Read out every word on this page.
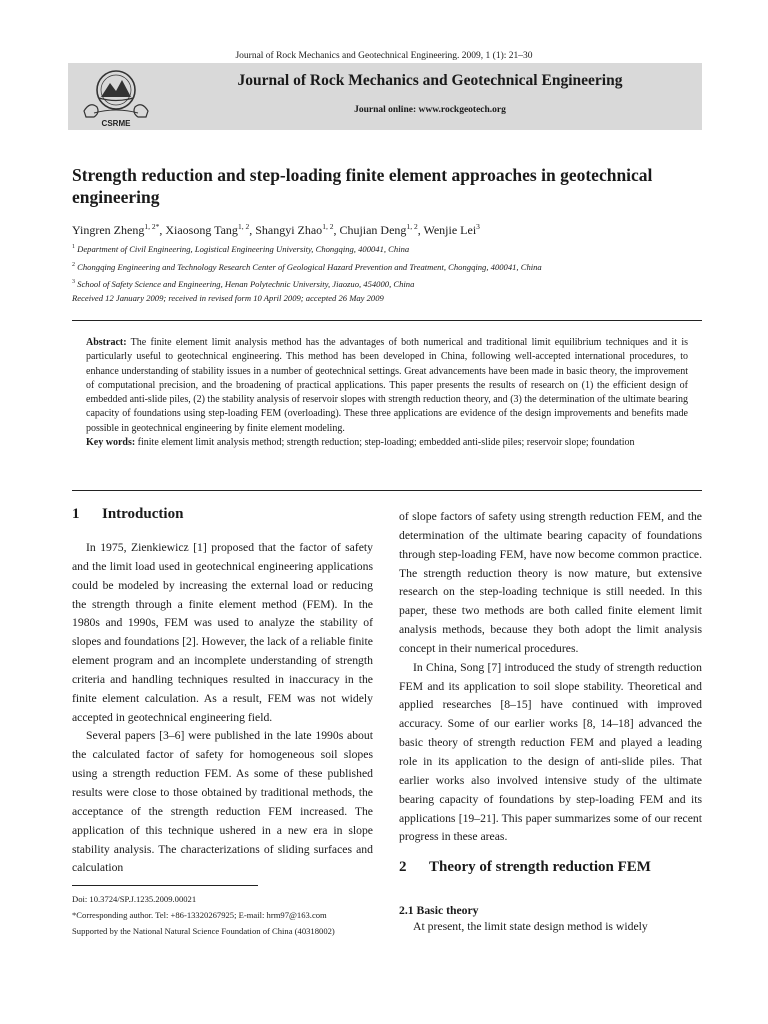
Journal of Rock Mechanics and Geotechnical Engineering. 2009, 1 (1): 21–30
CSRME
Journal of Rock Mechanics and Geotechnical Engineering
Journal online: www.rockgeotech.org
Strength reduction and step-loading finite element approaches in geotechnical engineering
Yingren Zheng$^{1, 2*}$, Xiaosong Tang$^{1, 2}$, Shangyi Zhao$^{1, 2}$, Chujian Deng$^{1, 2}$, Wenjie Lei$^3$
$^1$ Department of Civil Engineering, Logistical Engineering University, Chongqing, 400041, China
$^2$ Chongqing Engineering and Technology Research Center of Geological Hazard Prevention and Treatment, Chongqing, 400041, China
$^3$ School of Safety Science and Engineering, Henan Polytechnic University, Jiaozuo, 454000, China
Received 12 January 2009; received in revised form 10 April 2009; accepted 26 May 2009
Abstract: The finite element limit analysis method has the advantages of both numerical and traditional limit equilibrium techniques and it is particularly useful to geotechnical engineering. This method has been developed in China, following well-accepted international procedures, to enhance understanding of stability issues in a number of geotechnical settings. Great advancements have been made in basic theory, the improvement of computational precision, and the broadening of practical applications. This paper presents the results of research on (1) the efficient design of embedded anti-slide piles, (2) the stability analysis of reservoir slopes with strength reduction theory, and (3) the determination of the ultimate bearing capacity of foundations using step-loading FEM (overloading). These three applications are evidence of the design improvements and benefits made possible in geotechnical engineering by finite element modeling.
Key words: finite element limit analysis method; strength reduction; step-loading; embedded anti-slide piles; reservoir slope; foundation
1 Introduction

In 1975, Zienkiewicz [1] proposed that the factor of safety and the limit load used in geotechnical engineering applications could be modeled by increasing the external load or reducing the strength through a finite element method (FEM). In the 1980s and 1990s, FEM was used to analyze the stability of slopes and foundations [2]. However, the lack of a reliable finite element program and an incomplete understanding of strength criteria and handling techniques resulted in inaccuracy in the finite element calculation. As a result, FEM was not widely accepted in geotechnical engineering field.

Several papers [3–6] were published in the late 1990s about the calculated factor of safety for homogeneous soil slopes using a strength reduction FEM. As some of these published results were close to those obtained by traditional methods, the acceptance of the strength reduction FEM increased. The application of this technique ushered in a new era in slope stability analysis. The characterizations of sliding surfaces and calculation

of slope factors of safety using strength reduction FEM, and the determination of the ultimate bearing capacity of foundations through step-loading FEM, have now become common practice. The strength reduction theory is now mature, but extensive research on the step-loading technique is still needed. In this paper, these two methods are both called finite element limit analysis methods, because they both adopt the limit analysis concept in their numerical procedures.

In China, Song [7] introduced the study of strength reduction FEM and its application to soil slope stability. Theoretical and applied researches [8–15] have continued with improved accuracy. Some of our earlier works [8, 14–18] advanced the basic theory of strength reduction FEM and played a leading role in its application to the design of anti-slide piles. That earlier works also involved intensive study of the ultimate bearing capacity of foundations by step-loading FEM and its applications [19–21]. This paper summarizes some of our recent progress in these areas.

2 Theory of strength reduction FEM
2.1 Basic theory

At present, the limit state design method is widely

Doi: 10.3724/SP.J.1235.2009.00021
*Corresponding author. Tel: +86-13320267925; E-mail: hrm97@163.com
Supported by the National Natural Science Foundation of China (40318002)
